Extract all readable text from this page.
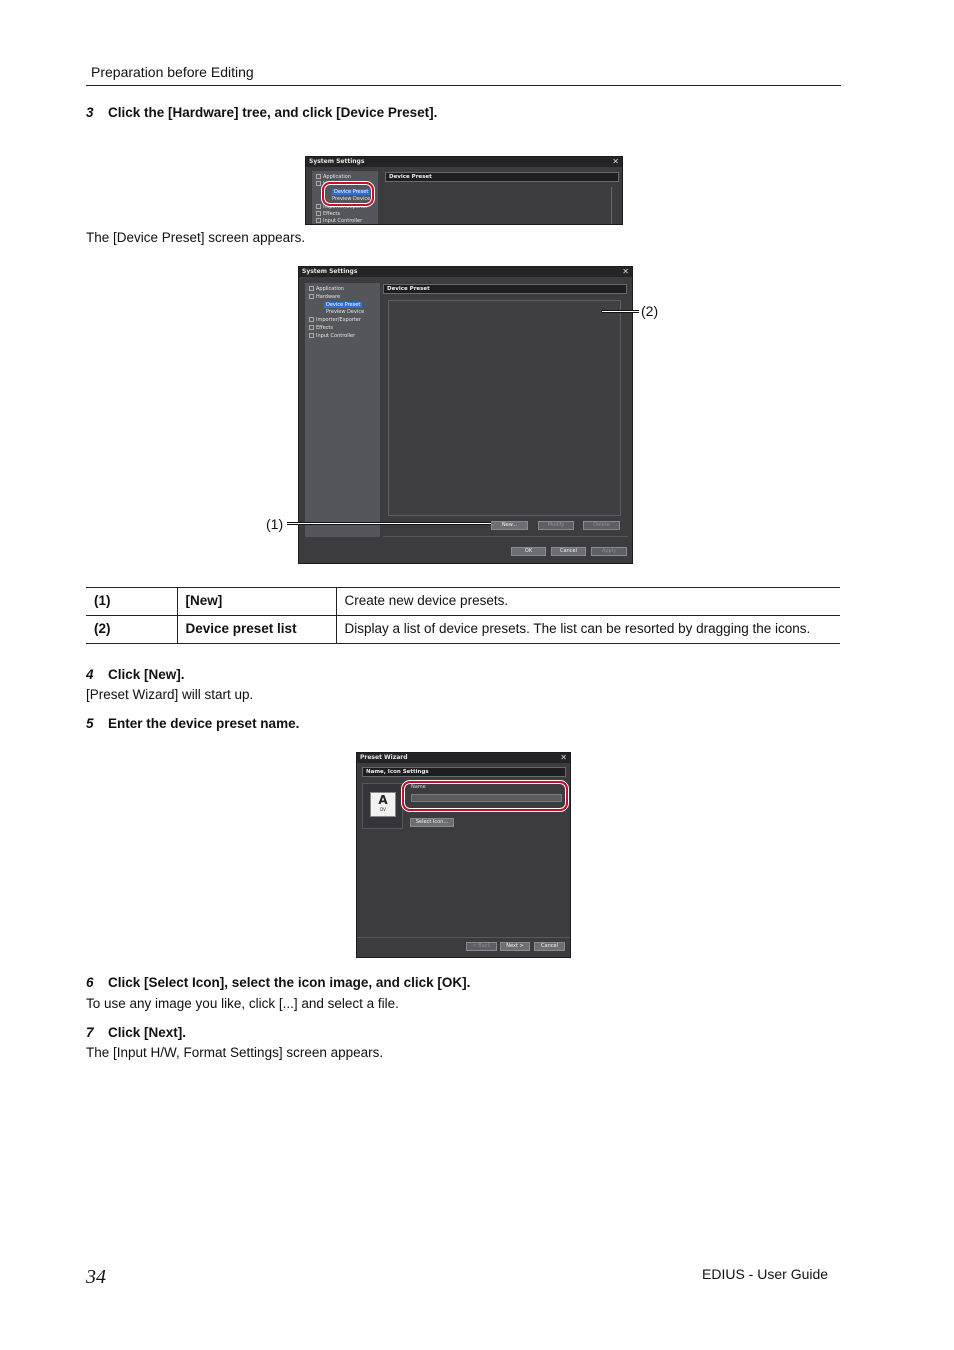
Preparation before Editing
3 Click the [Hardware] tree, and click [Device Preset].
System Settings	✕
Application
Hardware
Device Preset
Preview Device
Importer/Exporter
Effects
Input Controller
Device Preset
The [Device Preset] screen appears.
System Settings	✕
Application
Hardware
Device Preset
Preview Device
Importer/Exporter
Effects
Input Controller
Device Preset
New...	Modify	Delete
OK	Cancel	Apply
(2)
(1)
(1)	[New]	Create new device presets.
(2)	Device preset list	Display a list of device presets. The list can be resorted by dragging the icons.
4 Click [New].
[Preset Wizard] will start up.
5 Enter the device preset name.
Preset Wizard	✕
Name, Icon Settings
A
DV
Name
Select Icon...
< Back	Next >	Cancel
6 Click [Select Icon], select the icon image, and click [OK].
To use any image you like, click [...] and select a file.
7 Click [Next].
The [Input H/W, Format Settings] screen appears.
34	EDIUS - User Guide
